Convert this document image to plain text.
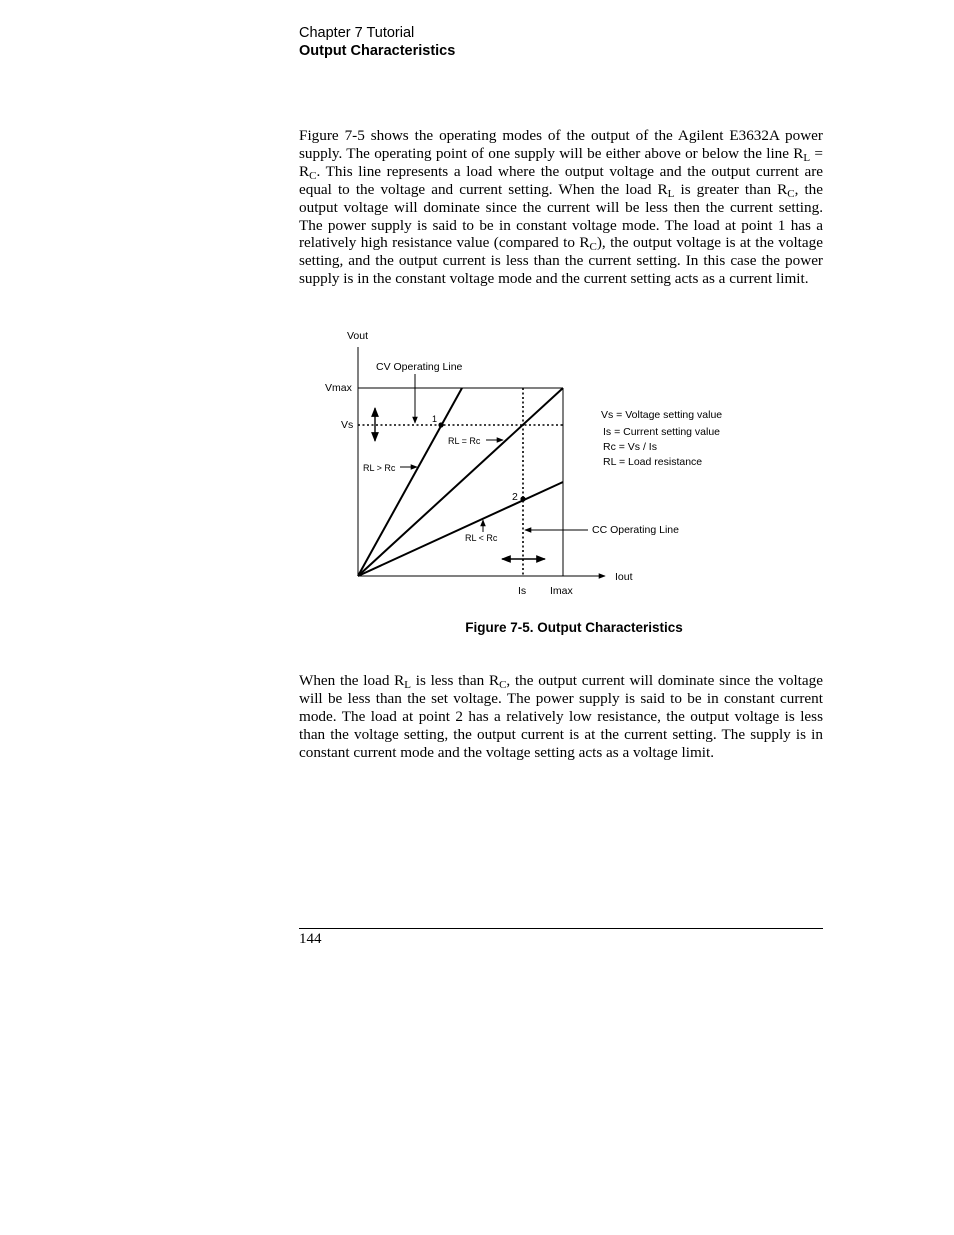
Chapter 7 Tutorial
Output Characteristics
Figure 7-5 shows the operating modes of the output of the Agilent E3632A power supply. The operating point of one supply will be either above or below the line $R_L = R_C$. This line represents a load where the output voltage and the output current are equal to the voltage and current setting. When the load $R_L$ is greater than $R_C$, the output voltage will dominate since the current will be less then the current setting. The power supply is said to be in constant voltage mode. The load at point 1 has a relatively high resistance value (compared to $R_C$), the output voltage is at the voltage setting, and the output current is less than the current setting. In this case the power supply is in the constant voltage mode and the current setting acts as a current limit.
Vout
Iout
Vmax
Vs
Is Imax
CV Operating Line
1
2
RL = Rc
RL > Rc
RL < Rc
CC Operating Line
Vs = Voltage setting value
Is = Current setting value
Rc = Vs / Is
RL = Load resistance
Figure 7-5. Output Characteristics
When the load $R_L$ is less than $R_C$, the output current will dominate since the voltage will be less than the set voltage. The power supply is said to be in constant current mode. The load at point 2 has a relatively low resistance, the output voltage is less than the voltage setting, the output current is at the current setting. The supply is in constant current mode and the voltage setting acts as a voltage limit.
144
